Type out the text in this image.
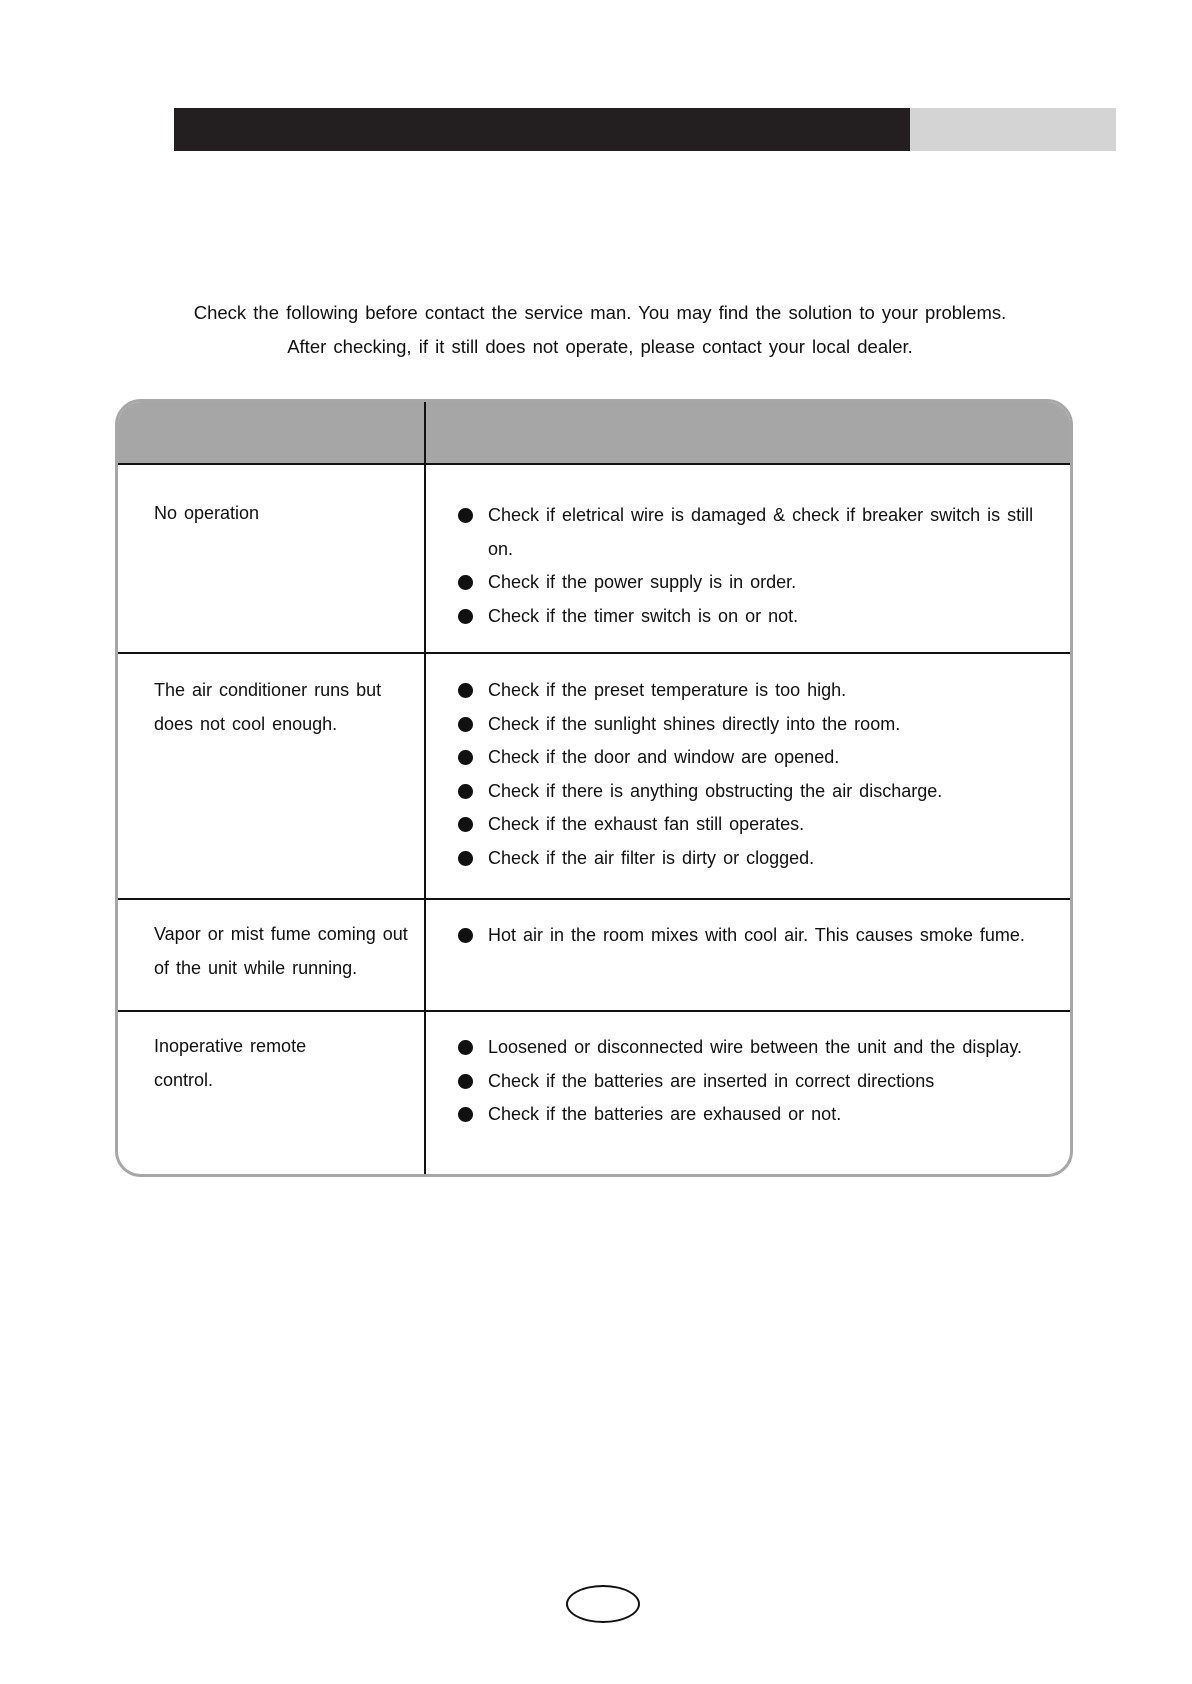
Check the following before contact the service man. You may find the solution to your problems.
After checking, if it still does not operate, please contact your local dealer.
No operation	Check if eletrical wire is damaged & check if breaker switch is still on.
Check if the power supply is in order.
Check if the timer switch is on or not.
The air conditioner runs but does not cool enough.
Check if the preset temperature is too high.
Check if the sunlight shines directly into the room.
Check if the door and window are opened.
Check if there is anything obstructing the air discharge.
Check if the exhaust fan still operates.
Check if the air filter is dirty or clogged.
Vapor or mist fume coming out of the unit while running.
Hot air in the room mixes with cool air. This causes smoke fume.
Inoperative remote control.
Loosened or disconnected wire between the unit and the display.
Check if the batteries are inserted in correct directions
Check if the batteries are exhaused or not.
